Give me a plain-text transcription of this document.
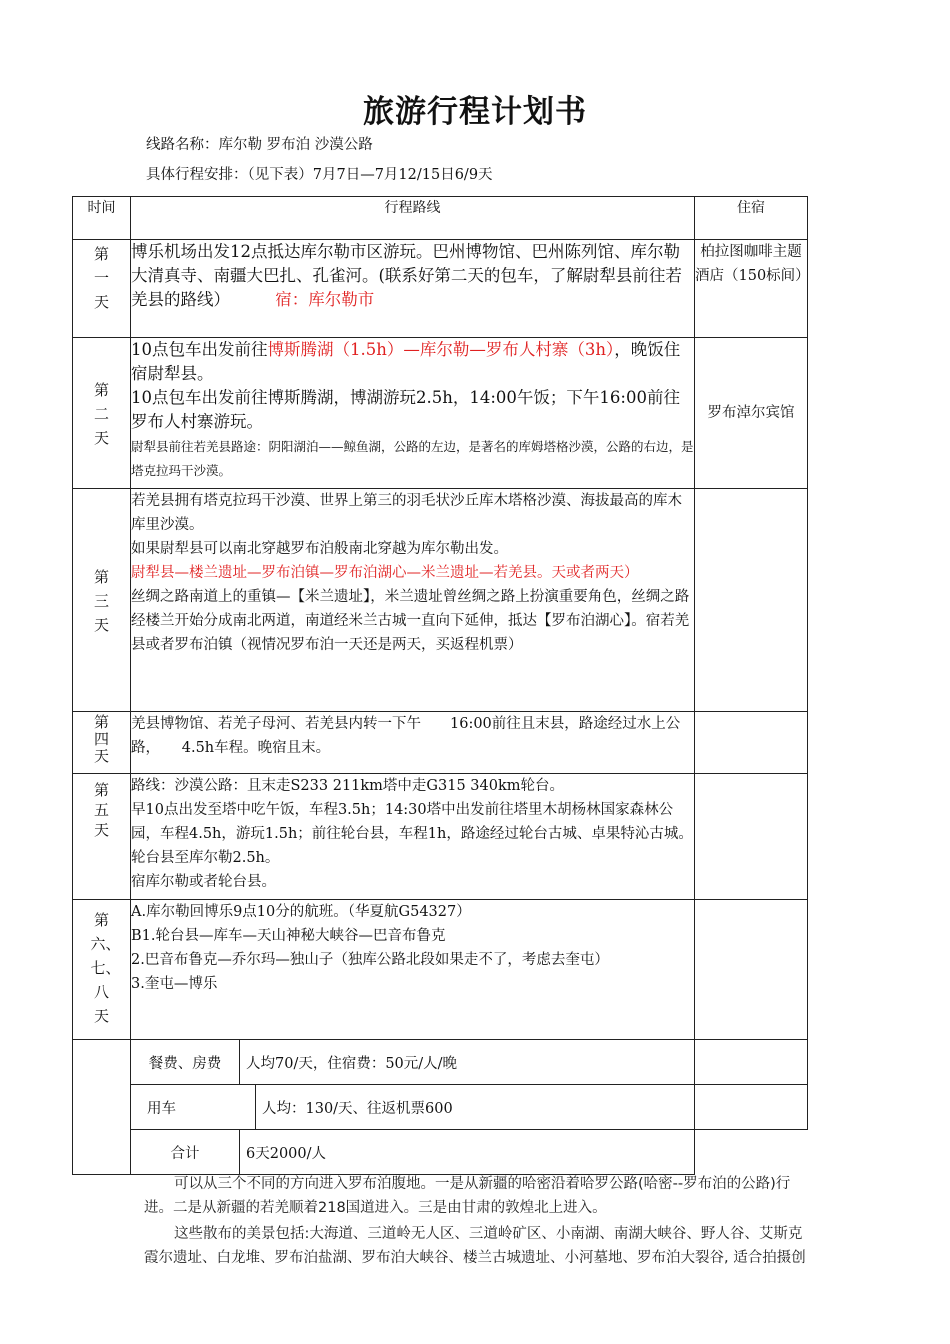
旅游行程计划书
线路名称：库尔勒 罗布泊 沙漠公路
具体行程安排：（见下表）7月7日—7月12/15日6/9天
时间	行程路线	住宿

第一天
	博乐机场出发12点抵达库尔勒市区游玩。巴州博物馆、巴州陈列馆、库尔勒大清真寺、南疆大巴扎、孔雀河。(联系好第二天的包车，了解尉犁县前往若羌县的路线）	宿：库尔勒市	柏拉图咖啡主题酒店（150标间）

第二天
	10点包车出发前往博斯腾湖（1.5h）—库尔勒—罗布人村寨（3h），晚饭住宿尉犁县。
10点包车出发前往博斯腾湖，博湖游玩2.5h，14:00午饭；下午16:00前往罗布人村寨游玩。
尉犁县前往若羌县路途：阴阳湖泊——鲸鱼湖，公路的左边，是著名的库姆塔格沙漠，公路的右边，是塔克拉玛干沙漠。	罗布淖尔宾馆

第三天
	若羌县拥有塔克拉玛干沙漠、世界上第三的羽毛状沙丘库木塔格沙漠、海拔最高的库木库里沙漠。
如果尉犁县可以南北穿越罗布泊般南北穿越为库尔勒出发。
尉犁县—楼兰遗址—罗布泊镇—罗布泊湖心—米兰遗址—若羌县。天或者两天）
丝绸之路南道上的重镇—【米兰遗址】，米兰遗址曾丝绸之路上扮演重要角色，丝绸之路经楼兰开始分成南北两道，南道经米兰古城一直向下延伸，抵达【罗布泊湖心】。宿若羌县或者罗布泊镇（视情况罗布泊一天还是两天，买返程机票）	

第四天
	羌县博物馆、若羌子母河、若羌县内转一下午　　16:00前往且末县，路途经过水上公路，　　4.5h车程。晚宿且末。	

第五天
	路线：沙漠公路：且末走S233 211km塔中走G315 340km轮台。
早10点出发至塔中吃午饭，车程3.5h；14:30塔中出发前往塔里木胡杨林国家森林公园，车程4.5h，游玩1.5h；前往轮台县，车程1h，路途经过轮台古城、卓果特沁古城。轮台县至库尔勒2.5h。
宿库尔勒或者轮台县。	

第六、七、八天
	A.库尔勒回博乐9点10分的航班。（华夏航G54327）
B1.轮台县—库车—天山神秘大峡谷—巴音布鲁克
2.巴音布鲁克—乔尔玛—独山子（独库公路北段如果走不了，考虑去奎屯）
3.奎屯—博乐	

餐费、房费	人均70/天，住宿费：50元/人/晚

用车	人均：130/天、往返机票600

合计	6天2000/人

可以从三个不同的方向进入罗布泊腹地。一是从新疆的哈密沿着哈罗公路(哈密--罗布泊的公路)行进。二是从新疆的若羌顺着218国道进入。三是由甘肃的敦煌北上进入。
这些散布的美景包括:大海道、三道岭无人区、三道岭矿区、小南湖、南湖大峡谷、野人谷、艾斯克霞尔遗址、白龙堆、罗布泊盐湖、罗布泊大峡谷、楼兰古城遗址、小河墓地、罗布泊大裂谷, 适合拍摄创
